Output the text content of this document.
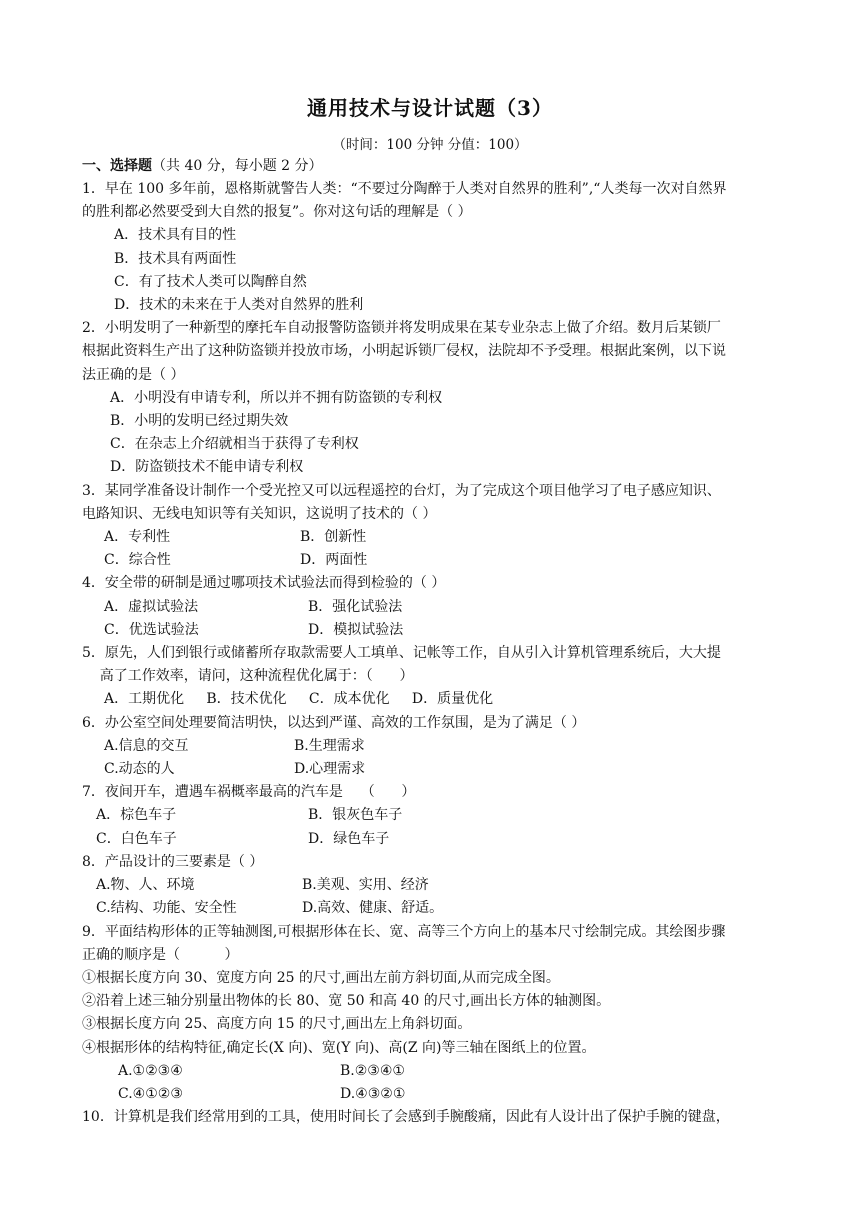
通用技术与设计试题（3）
（时间：100 分钟 分值：100）
一、选择题（共 40 分，每小题 2 分）
1．早在 100 多年前，恩格斯就警告人类：“不要过分陶醉于人类对自然界的胜利”,“人类每一次对自然界
的胜利都必然要受到大自然的报复”。你对这句话的理解是（ ）
A．技术具有目的性
B．技术具有两面性
C．有了技术人类可以陶醉自然
D．技术的未来在于人类对自然界的胜利
2．小明发明了一种新型的摩托车自动报警防盗锁并将发明成果在某专业杂志上做了介绍。数月后某锁厂
根据此资料生产出了这种防盗锁并投放市场，小明起诉锁厂侵权，法院却不予受理。根据此案例，以下说
法正确的是（ ）
A．小明没有申请专利，所以并不拥有防盗锁的专利权
B．小明的发明已经过期失效
C．在杂志上介绍就相当于获得了专利权
D．防盗锁技术不能申请专利权
3．某同学准备设计制作一个受光控又可以远程遥控的台灯，为了完成这个项目他学习了电子感应知识、
电路知识、无线电知识等有关知识，这说明了技术的（ ）
A．专利性	B．创新性
C．综合性	D．两面性
4．安全带的研制是通过哪项技术试验法而得到检验的（ ）
A．虚拟试验法	B．强化试验法
C．优选试验法	D．模拟试验法
5．原先，人们到银行或储蓄所存取款需要人工填单、记帐等工作，自从引入计算机管理系统后，大大提
高了工作效率，请问，这种流程优化属于：（      ）
A．工期优化     B．技术优化     C．成本优化     D．质量优化
6．办公室空间处理要简洁明快，以达到严谨、高效的工作氛围，是为了满足（ ）
A.信息的交互	B.生理需求
C.动态的人	D.心理需求
7．夜间开车，遭遇车祸概率最高的汽车是    （      ）
A．棕色车子	B．银灰色车子
C．白色车子	D．绿色车子
8．产品设计的三要素是（ ）
A.物、人、环境	B.美观、实用、经济
C.结构、功能、安全性	D.高效、健康、舒适。
9．平面结构形体的正等轴测图,可根据形体在长、宽、高等三个方向上的基本尺寸绘制完成。其绘图步骤
正确的顺序是（          ）
①根据长度方向 30、宽度方向 25 的尺寸,画出左前方斜切面,从而完成全图。
②沿着上述三轴分别量出物体的长 80、宽 50 和高 40 的尺寸,画出长方体的轴测图。
③根据长度方向 25、高度方向 15 的尺寸,画出左上角斜切面。
④根据形体的结构特征,确定长(X 向)、宽(Y 向)、高(Z 向)等三轴在图纸上的位置。
A.①②③④	B.②③④①
C.④①②③	D.④③②①
10．计算机是我们经常用到的工具，使用时间长了会感到手腕酸痛，因此有人设计出了保护手腕的键盘，
